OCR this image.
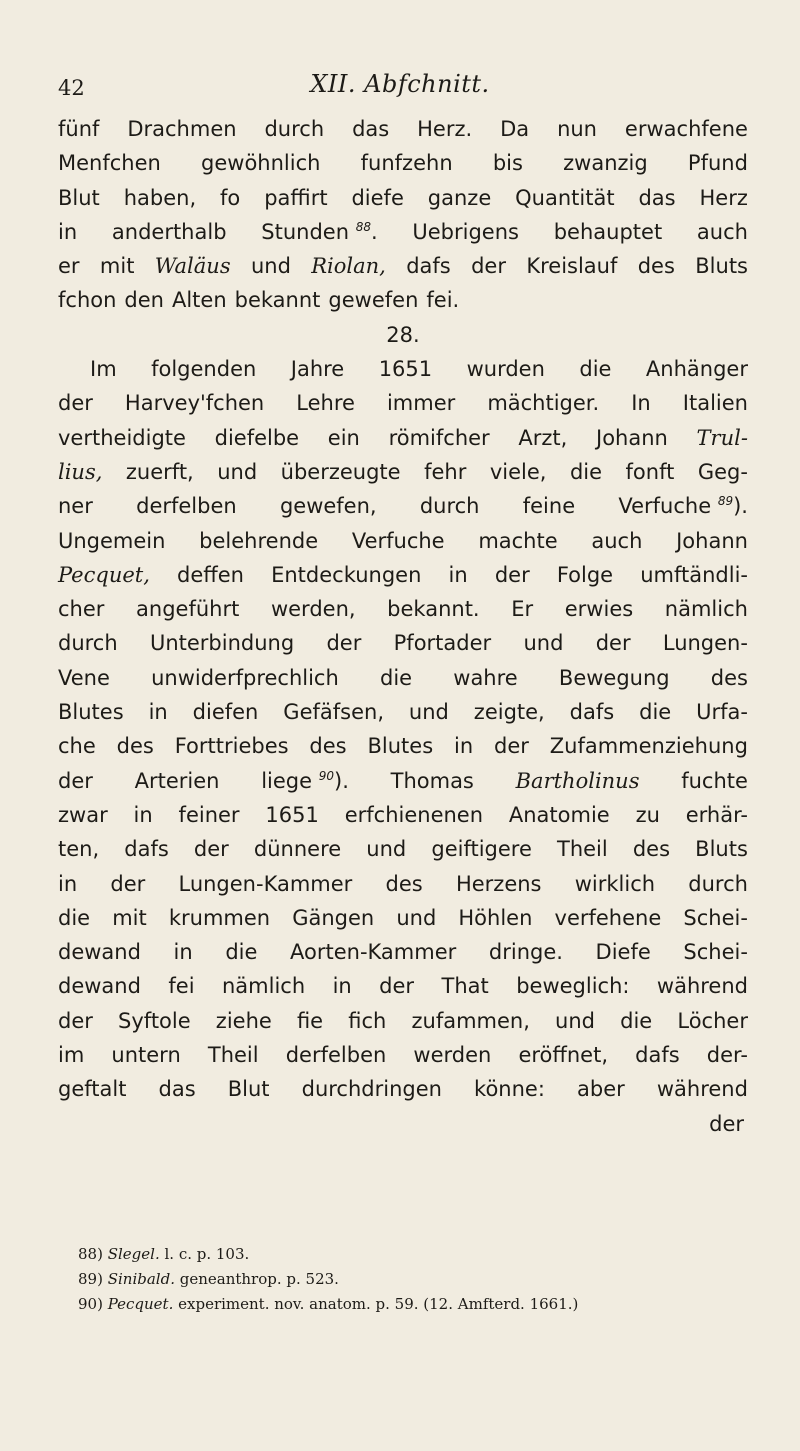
42	XII. Abfchnitt.
fünf Drachmen durch das Herz. Da nun erwachfene
Menfchen gewöhnlich funfzehn bis zwanzig Pfund
Blut haben, fo paffirt diefe ganze Quantität das Herz
in anderthalb Stunden $^{88}$. Uebrigens behauptet auch
er mit Waläus und Riolan, dafs der Kreislauf des Bluts
fchon den Alten bekannt gewefen fei.
28.
Im folgenden Jahre 1651 wurden die Anhänger
der Harvey'fchen Lehre immer mächtiger. In Italien
vertheidigte diefelbe ein römifcher Arzt, Johann Trul-
lius, zuerft, und überzeugte fehr viele, die fonft Geg-
ner derfelben gewefen, durch feine Verfuche $^{89}$).
Ungemein belehrende Verfuche machte auch Johann
Pecquet, deffen Entdeckungen in der Folge umftändli-
cher angeführt werden, bekannt. Er erwies nämlich
durch Unterbindung der Pfortader und der Lungen-
Vene unwiderfprechlich die wahre Bewegung des
Blutes in diefen Gefäfsen, und zeigte, dafs die Urfa-
che des Forttriebes des Blutes in der Zufammenziehung
der Arterien liege $^{90}$). Thomas Bartholinus fuchte
zwar in feiner 1651 erfchienenen Anatomie zu erhär-
ten, dafs der dünnere und geiftigere Theil des Bluts
in der Lungen-Kammer des Herzens wirklich durch
die mit krummen Gängen und Höhlen verfehene Schei-
dewand in die Aorten-Kammer dringe. Diefe Schei-
dewand fei nämlich in der That beweglich: während
der Syftole ziehe fie fich zufammen, und die Löcher
im untern Theil derfelben werden eröffnet, dafs der-
geftalt das Blut durchdringen könne: aber während
der
88) Slegel. l. c. p. 103.
89) Sinibald. geneanthrop. p. 523.
90) Pecquet. experiment. nov. anatom. p. 59. (12. Amfterd. 1661.)
